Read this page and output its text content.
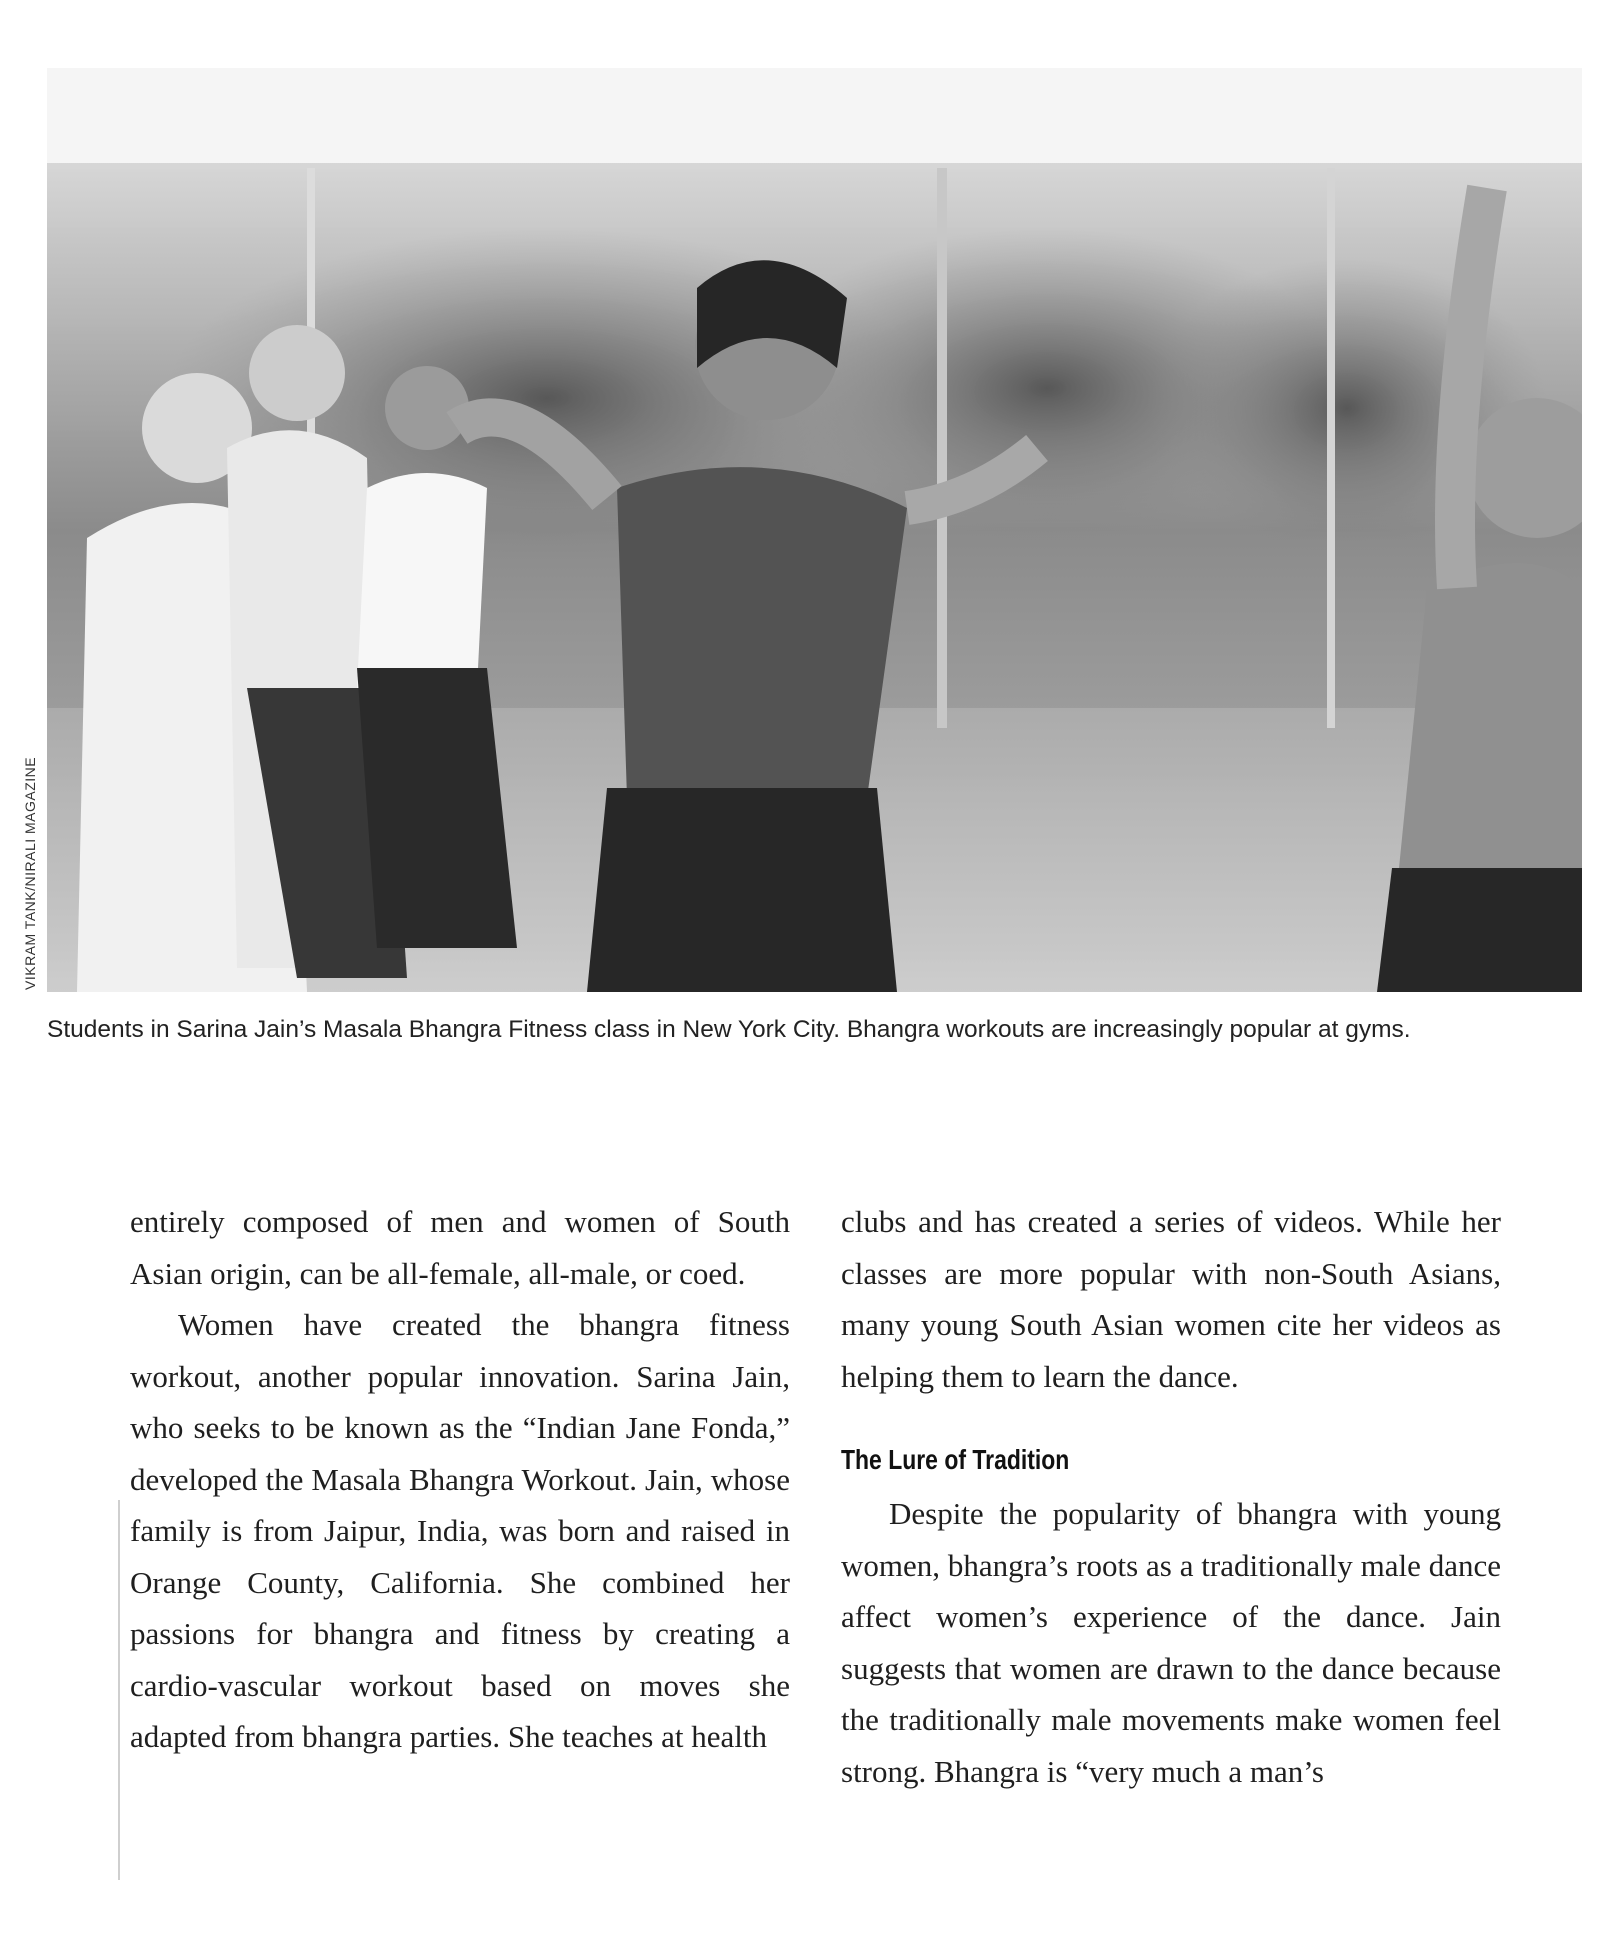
VIKRAM TANK/NIRALI MAGAZINE
Students in Sarina Jain’s Masala Bhangra Fitness class in New York City. Bhangra workouts are increasingly popular at gyms.

entirely composed of men and women of South Asian origin, can be all-female, all-male, or coed.

Women have created the bhangra fitness workout, another popular innovation. Sarina Jain, who seeks to be known as the “Indian Jane Fonda,” developed the Masala Bhangra Workout. Jain, whose family is from Jaipur, India, was born and raised in Orange County, California. She combined her passions for bhangra and fitness by creating a cardio-vascular workout based on moves she adapted from bhangra parties. She teaches at health

clubs and has created a series of videos. While her classes are more popular with non-South Asians, many young South Asian women cite her videos as helping them to learn the dance.

The Lure of Tradition

Despite the popularity of bhangra with young women, bhangra’s roots as a traditionally male dance affect women’s experience of the dance. Jain suggests that women are drawn to the dance because the traditionally male movements make women feel strong. Bhangra is “very much a man’s
